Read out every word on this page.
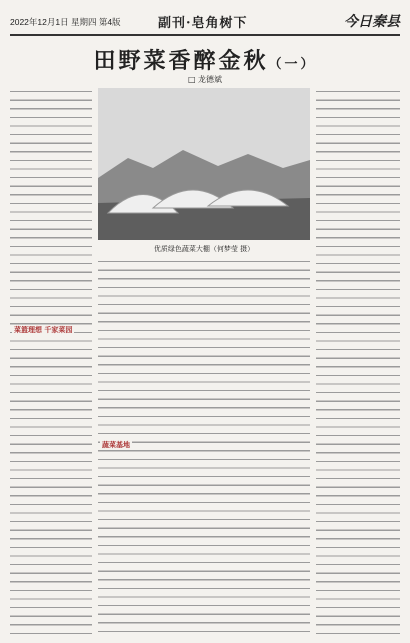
2022年12月1日 星期四 第4版	副刊·皂角树下	今日秦县
田野菜香醉金秋（一）
□ 龙德斌
菜篮理想 千家菜园
蔬菜基地
优质绿色蔬菜大棚（何梦莹 摄）
